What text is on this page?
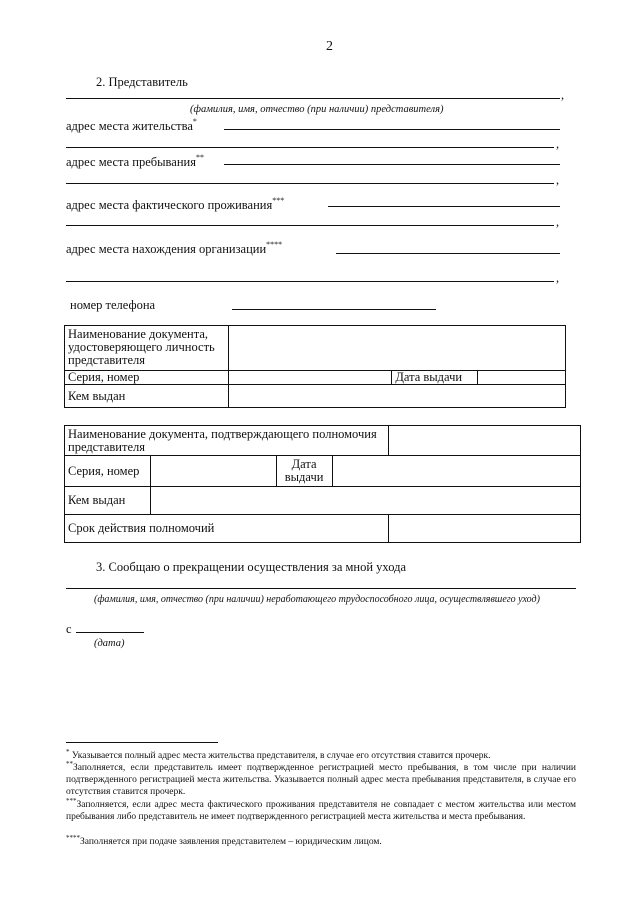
2
2. Представитель
,
(фамилия, имя, отчество (при наличии) представителя)
адрес места жительства*
,
адрес места пребывания**
,
адрес места фактического проживания***
,
адрес места нахождения организации****
,
номер телефона
Наименование документа, удостоверяющего личность представителя			
Серия, номер		Дата выдачи	
Кем выдан			
Наименование документа, подтверждающего полномочия представителя				
Серия, номер		Дата выдачи		
Кем выдан				
Срок действия полномочий				
3. Сообщаю о прекращении осуществления за мной ухода
(фамилия, имя, отчество (при наличии) неработающего трудоспособного лица, осуществлявшего уход)
с
(дата)
* Указывается полный адрес места жительства представителя, в случае его отсутствия ставится прочерк.
**Заполняется, если представитель имеет подтвержденное регистрацией место пребывания, в том числе при наличии подтвержденного регистрацией места жительства. Указывается полный адрес места пребывания представителя, в случае его отсутствия ставится прочерк.
***Заполняется, если адрес места фактического проживания представителя не совпадает с местом жительства или местом пребывания либо представитель не имеет подтвержденного регистрацией места жительства и места пребывания.
****Заполняется при подаче заявления представителем – юридическим лицом.
